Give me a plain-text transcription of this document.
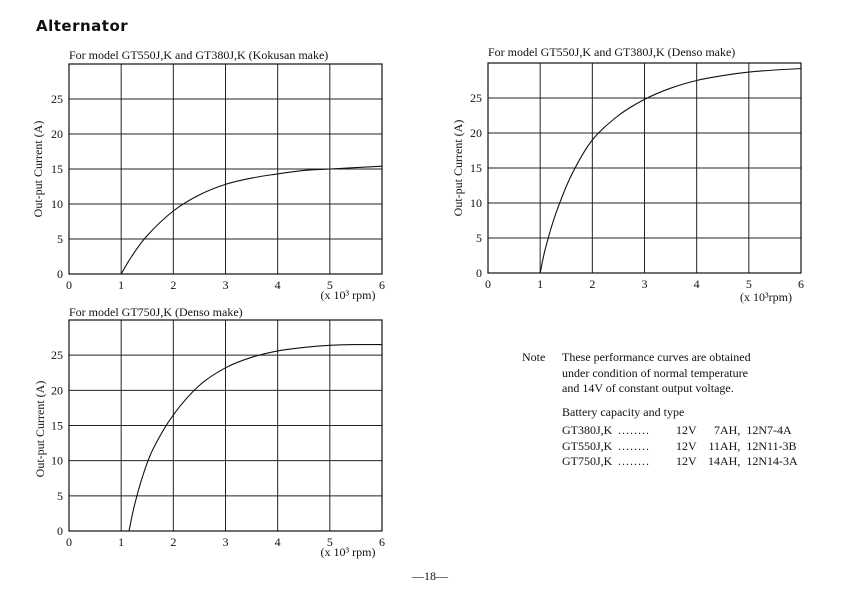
Alternator
0	1	2	3	4	5	6
0
5
10
15
20
25
For model GT550J,K and GT380J,K (Kokusan make)
(x 10³ rpm)
Out-put Current (A)
0	1	2	3	4	5	6
0
5
10
15
20
25
For model GT550J,K and GT380J,K (Denso make)
(x 10³rpm)
Out-put Current (A)
0	1	2	3	4	5	6
0
5
10
15
20
25
For model GT750J,K (Denso make)
(x 10³ rpm)
Out-put Current (A)
Note These performance curves are obtained
under condition of normal temperature
and 14V of constant output voltage.
Battery capacity and type
GT380J,K	........	12V	7AH,	12N7-4A
GT550J,K	........	12V	11AH,	12N11-3B
GT750J,K	........	12V	14AH,	12N14-3A
—18—
